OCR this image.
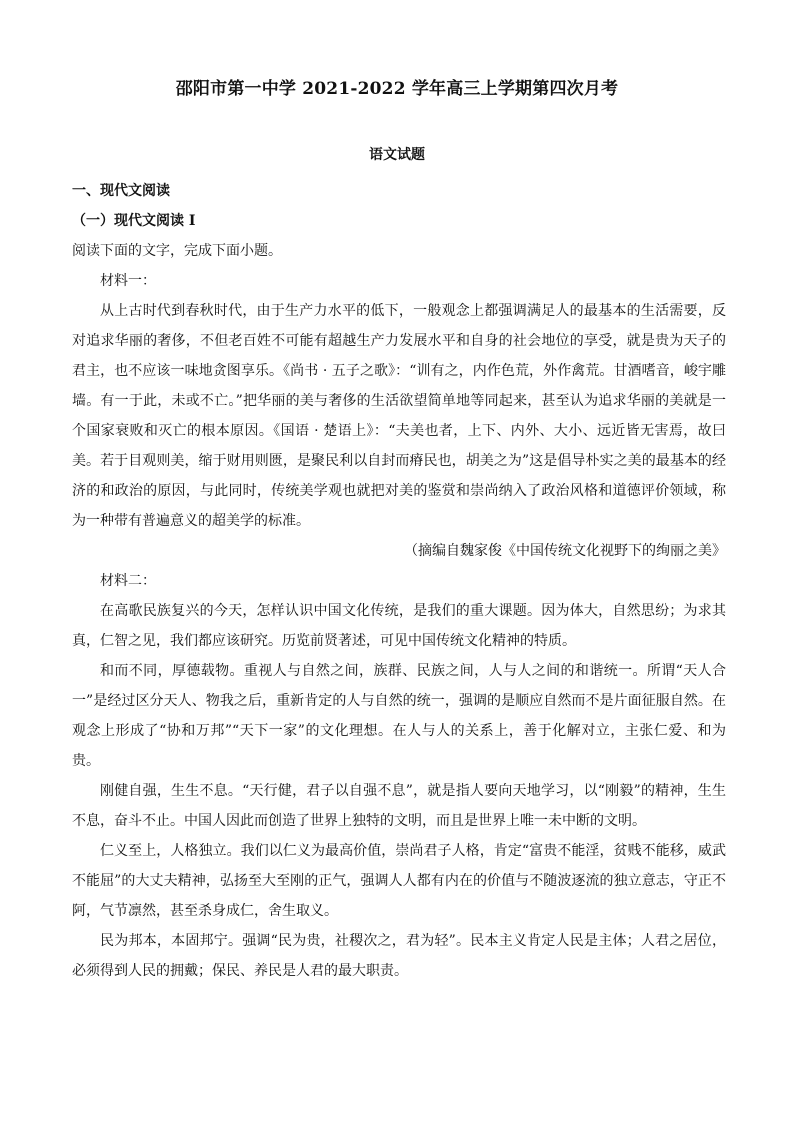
邵阳市第一中学 2021-2022 学年高三上学期第四次月考
语文试题

一、现代文阅读

（一）现代文阅读 I

阅读下面的文字，完成下面小题。

材料一：

从上古时代到春秋时代，由于生产力水平的低下，一般观念上都强调满足人的最基本的生活需要，反对追求华丽的奢侈，不但老百姓不可能有超越生产力发展水平和自身的社会地位的享受，就是贵为天子的君主，也不应该一味地贪图享乐。《尚书 · 五子之歌》：“训有之，内作色荒，外作禽荒。甘酒嗜音，峻宇雕墙。有一于此，未或不亡。”把华丽的美与奢侈的生活欲望简单地等同起来，甚至认为追求华丽的美就是一个国家衰败和灭亡的根本原因。《国语 · 楚语上》：“夫美也者，上下、内外、大小、远近皆无害焉，故曰美。若于目观则美，缩于财用则匮，是聚民利以自封而瘠民也，胡美之为”这是倡导朴实之美的最基本的经济的和政治的原因，与此同时，传统美学观也就把对美的鉴赏和崇尚纳入了政治风格和道德评价领域，称为一种带有普遍意义的超美学的标准。

（摘编自魏家俊《中国传统文化视野下的绚丽之美》

材料二：

在高歌民族复兴的今天，怎样认识中国文化传统，是我们的重大课题。因为体大，自然思纷；为求其真，仁智之见，我们都应该研究。历览前贤著述，可见中国传统文化精神的特质。

和而不同，厚德载物。重视人与自然之间，族群、民族之间，人与人之间的和谐统一。所谓“天人合一”是经过区分天人、物我之后，重新肯定的人与自然的统一，强调的是顺应自然而不是片面征服自然。在观念上形成了“协和万邦”“天下一家”的文化理想。在人与人的关系上，善于化解对立，主张仁爱、和为贵。

刚健自强，生生不息。“天行健，君子以自强不息”，就是指人要向天地学习，以“刚毅”的精神，生生不息，奋斗不止。中国人因此而创造了世界上独特的文明，而且是世界上唯一未中断的文明。

仁义至上，人格独立。我们以仁义为最高价值，崇尚君子人格，肯定“富贵不能淫，贫贱不能移，威武不能屈”的大丈夫精神，弘扬至大至刚的正气，强调人人都有内在的价值与不随波逐流的独立意志，守正不阿，气节凛然，甚至杀身成仁，舍生取义。

民为邦本，本固邦宁。强调“民为贵，社稷次之，君为轻”。民本主义肯定人民是主体；人君之居位，必须得到人民的拥戴；保民、养民是人君的最大职责。
